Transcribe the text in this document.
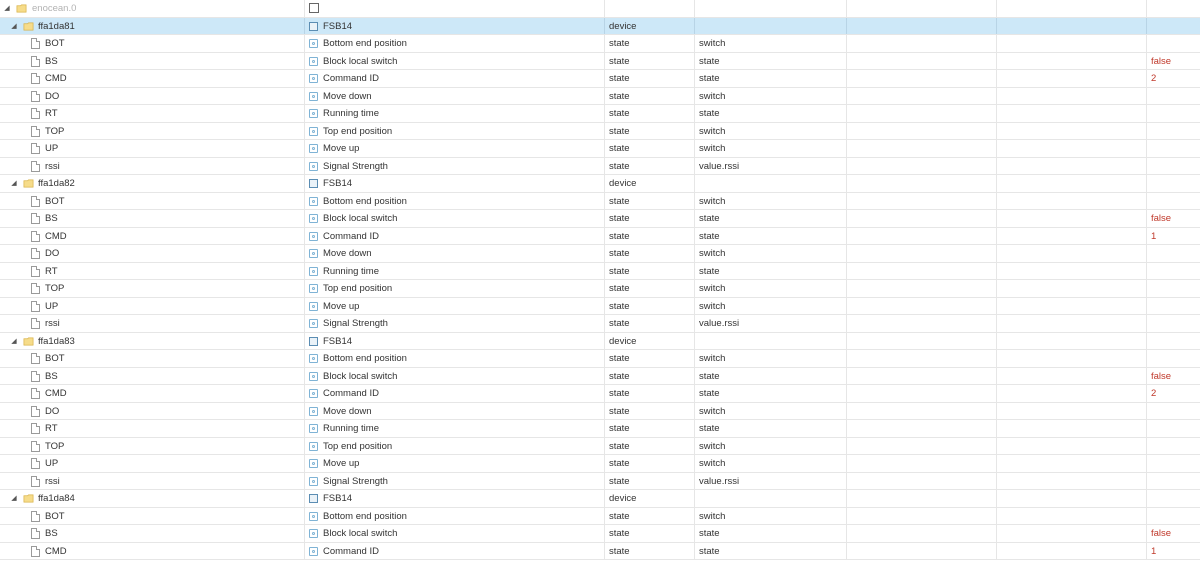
◢ enocean.0
◢ ffa1da81	FSB14	device
BOT	Bottom end position	state	switch
BS	Block local switch	state	state	false
CMD	Command ID	state	state	2
DO	Move down	state	switch
RT	Running time	state	state
TOP	Top end position	state	switch
UP	Move up	state	switch
rssi	Signal Strength	state	value.rssi
◢ ffa1da82	FSB14	device
BOT	Bottom end position	state	switch
BS	Block local switch	state	state	false
CMD	Command ID	state	state	1
DO	Move down	state	switch
RT	Running time	state	state
TOP	Top end position	state	switch
UP	Move up	state	switch
rssi	Signal Strength	state	value.rssi
◢ ffa1da83	FSB14	device
BOT	Bottom end position	state	switch
BS	Block local switch	state	state	false
CMD	Command ID	state	state	2
DO	Move down	state	switch
RT	Running time	state	state
TOP	Top end position	state	switch
UP	Move up	state	switch
rssi	Signal Strength	state	value.rssi
◢ ffa1da84	FSB14	device
BOT	Bottom end position	state	switch
BS	Block local switch	state	state	false
CMD	Command ID	state	state	1
